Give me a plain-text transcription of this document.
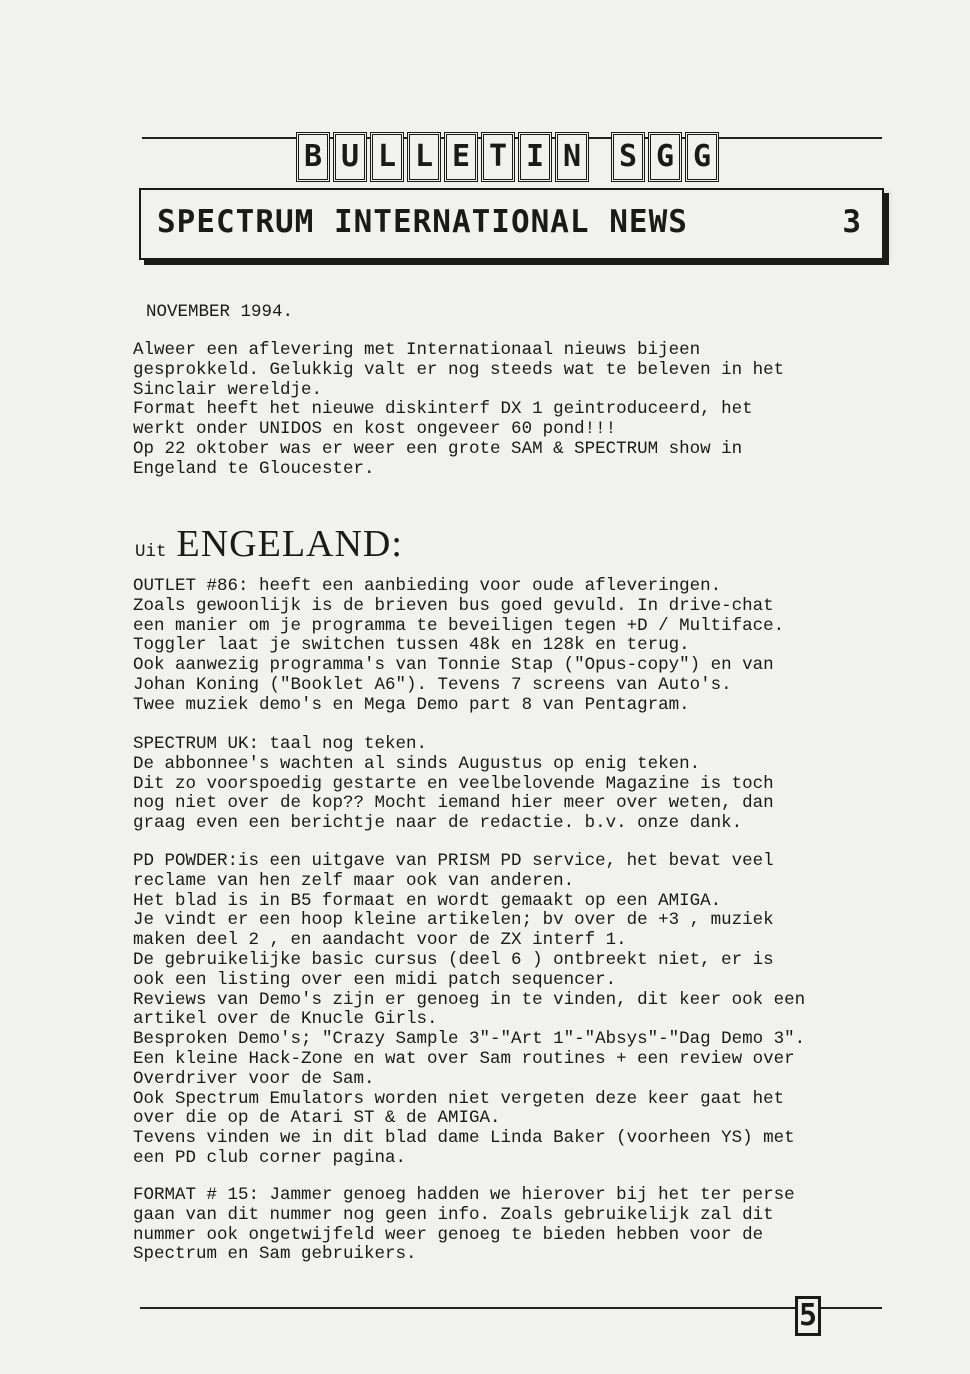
B U L L E T I N S G G
SPECTRUM INTERNATIONAL NEWS	3
NOVEMBER 1994.
Alweer een aflevering met Internationaal nieuws bijeen
gesprokkeld. Gelukkig valt er nog steeds wat te beleven in het
Sinclair wereldje.
Format heeft het nieuwe diskinterf DX 1 geintroduceerd, het
werkt onder UNIDOS en kost ongeveer 60 pond!!!
Op 22 oktober was er weer een grote SAM & SPECTRUM show in
Engeland te Gloucester.
Uit ENGELAND:
OUTLET #86: heeft een aanbieding voor oude afleveringen.
Zoals gewoonlijk is de brieven bus goed gevuld. In drive-chat
een manier om je programma te beveiligen tegen +D / Multiface.
Toggler laat je switchen tussen 48k en 128k en terug.
Ook aanwezig programma's van Tonnie Stap ("Opus-copy") en van
Johan Koning ("Booklet A6"). Tevens 7 screens van Auto's.
Twee muziek demo's en Mega Demo part 8 van Pentagram.
SPECTRUM UK: taal nog teken.
De abbonnee's wachten al sinds Augustus op enig teken.
Dit zo voorspoedig gestarte en veelbelovende Magazine is toch
nog niet over de kop?? Mocht iemand hier meer over weten, dan
graag even een berichtje naar de redactie. b.v. onze dank.
PD POWDER:is een uitgave van PRISM PD service, het bevat veel
reclame van hen zelf maar ook van anderen.
Het blad is in B5 formaat en wordt gemaakt op een AMIGA.
Je vindt er een hoop kleine artikelen; bv over de +3 , muziek
maken deel 2 , en aandacht voor de ZX interf 1.
De gebruikelijke basic cursus (deel 6 ) ontbreekt niet, er is
ook een listing over een midi patch sequencer.
Reviews van Demo's zijn er genoeg in te vinden, dit keer ook een
artikel over de Knucle Girls.
Besproken Demo's; "Crazy Sample 3"-"Art 1"-"Absys"-"Dag Demo 3".
Een kleine Hack-Zone en wat over Sam routines + een review over
Overdriver voor de Sam.
Ook Spectrum Emulators worden niet vergeten deze keer gaat het
over die op de Atari ST & de AMIGA.
Tevens vinden we in dit blad dame Linda Baker (voorheen YS) met
een PD club corner pagina.
FORMAT # 15: Jammer genoeg hadden we hierover bij het ter perse
gaan van dit nummer nog geen info. Zoals gebruikelijk zal dit
nummer ook ongetwijfeld weer genoeg te bieden hebben voor de
Spectrum en Sam gebruikers.
5
